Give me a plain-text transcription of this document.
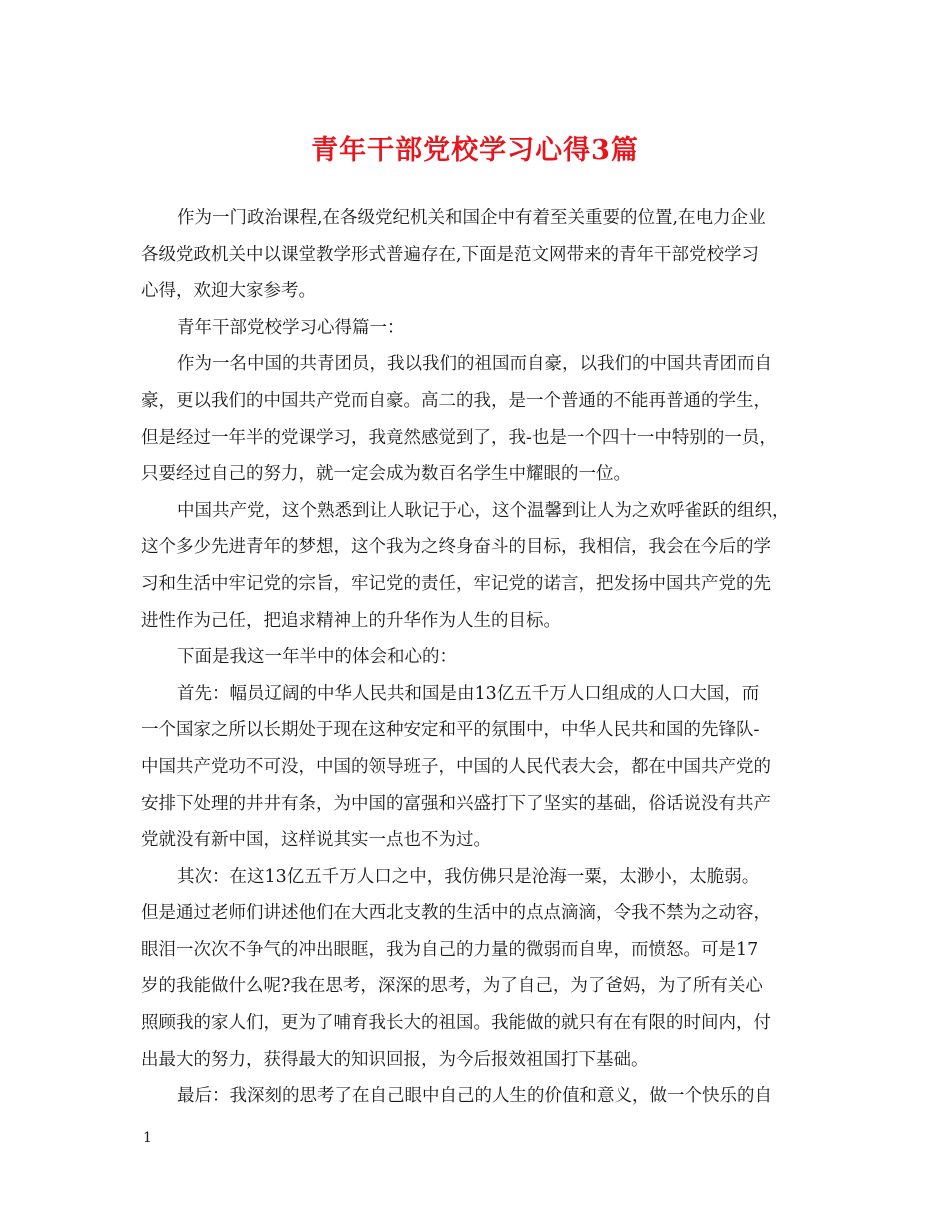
青年干部党校学习心得3篇
作为一门政治课程,在各级党纪机关和国企中有着至关重要的位置,在电力企业
各级党政机关中以课堂教学形式普遍存在,下面是范文网带来的青年干部党校学习
心得，欢迎大家参考。
青年干部党校学习心得篇一：
作为一名中国的共青团员，我以我们的祖国而自豪，以我们的中国共青团而自
豪，更以我们的中国共产党而自豪。高二的我，是一个普通的不能再普通的学生，
但是经过一年半的党课学习，我竟然感觉到了，我-也是一个四十一中特别的一员，
只要经过自己的努力，就一定会成为数百名学生中耀眼的一位。
中国共产党，这个熟悉到让人耿记于心，这个温馨到让人为之欢呼雀跃的组织，
这个多少先进青年的梦想，这个我为之终身奋斗的目标，我相信，我会在今后的学
习和生活中牢记党的宗旨，牢记党的责任，牢记党的诺言，把发扬中国共产党的先
进性作为己任，把追求精神上的升华作为人生的目标。
下面是我这一年半中的体会和心的：
首先：幅员辽阔的中华人民共和国是由13亿五千万人口组成的人口大国，而
一个国家之所以长期处于现在这种安定和平的氛围中，中华人民共和国的先锋队-
中国共产党功不可没，中国的领导班子，中国的人民代表大会，都在中国共产党的
安排下处理的井井有条，为中国的富强和兴盛打下了坚实的基础，俗话说没有共产
党就没有新中国，这样说其实一点也不为过。
其次：在这13亿五千万人口之中，我仿佛只是沧海一粟，太渺小，太脆弱。
但是通过老师们讲述他们在大西北支教的生活中的点点滴滴，令我不禁为之动容，
眼泪一次次不争气的冲出眼眶，我为自己的力量的微弱而自卑，而愤怒。可是17
岁的我能做什么呢?我在思考，深深的思考，为了自己，为了爸妈，为了所有关心
照顾我的家人们，更为了哺育我长大的祖国。我能做的就只有在有限的时间内，付
出最大的努力，获得最大的知识回报，为今后报效祖国打下基础。
最后：我深刻的思考了在自己眼中自己的人生的价值和意义，做一个快乐的自
1
